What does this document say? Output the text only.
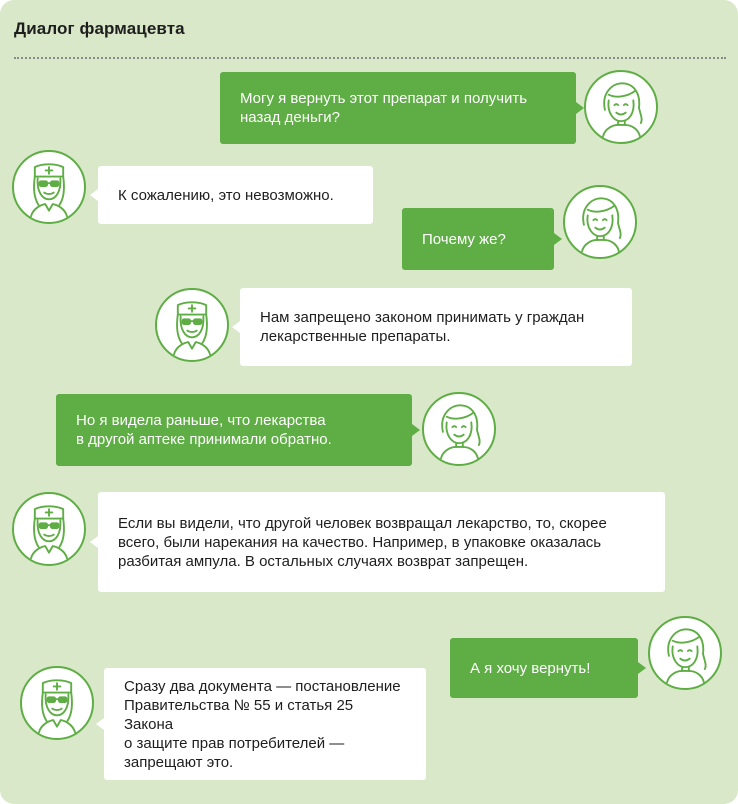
Диалог фармацевта
Могу я вернуть этот препарат и получить
назад деньги?
К сожалению, это невозможно.
Почему же?
Нам запрещено законом принимать у граждан
лекарственные препараты.
Но я видела раньше, что лекарства
в другой аптеке принимали обратно.
Если вы видели, что другой человек возвращал лекарство, то, скорее
всего, были нарекания на качество. Например, в упаковке оказалась
разбитая ампула. В остальных случаях возврат запрещен.
А я хочу вернуть!
Сразу два документа — постановление
Правительства № 55 и статья 25 Закона
о защите прав потребителей —
запрещают это.
